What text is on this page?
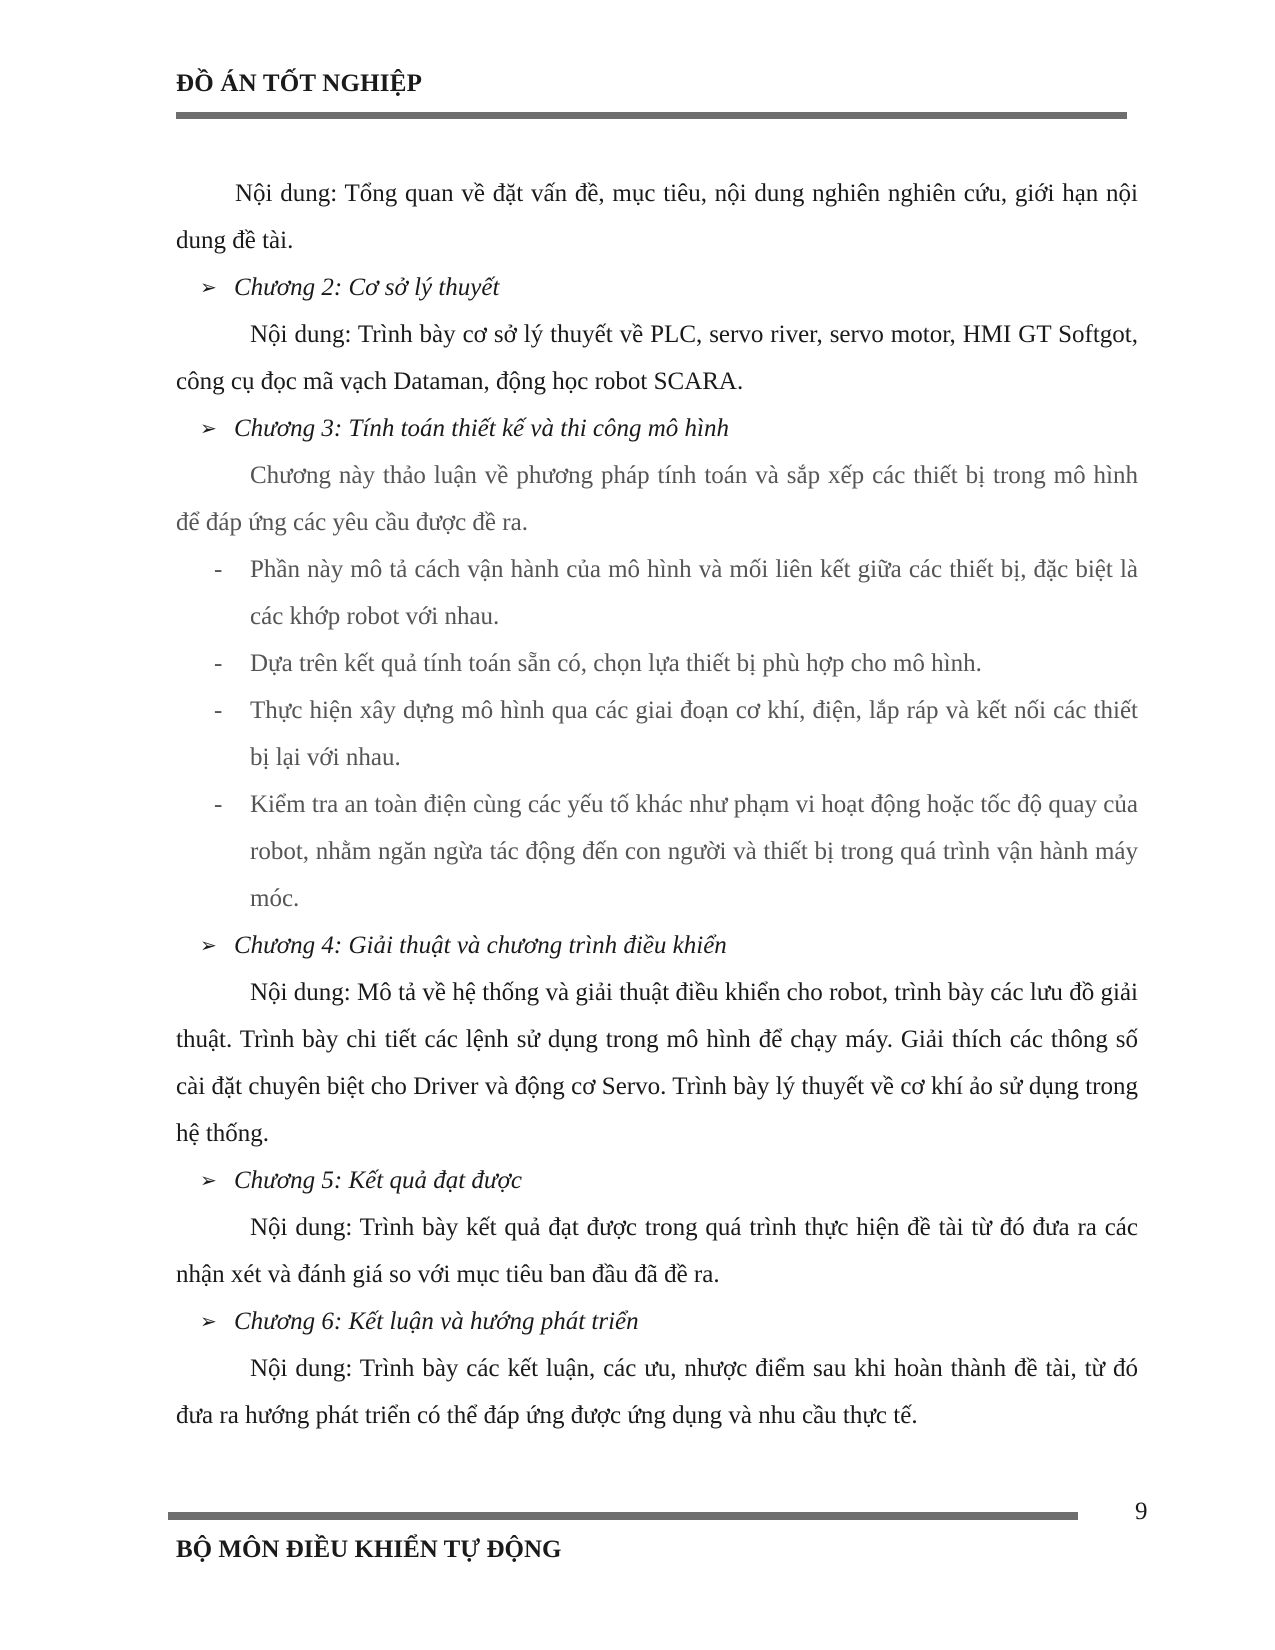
ĐỒ ÁN TỐT NGHIỆP

Nội dung: Tổng quan về đặt vấn đề, mục tiêu, nội dung nghiên nghiên cứu, giới hạn nội dung đề tài.

➢ Chương 2: Cơ sở lý thuyết

Nội dung: Trình bày cơ sở lý thuyết về PLC, servo river, servo motor, HMI GT Softgot, công cụ đọc mã vạch Dataman, động học robot SCARA.

➢ Chương 3: Tính toán thiết kế và thi công mô hình

Chương này thảo luận về phương pháp tính toán và sắp xếp các thiết bị trong mô hình để đáp ứng các yêu cầu được đề ra.

-	Phần này mô tả cách vận hành của mô hình và mối liên kết giữa các thiết bị, đặc biệt là các khớp robot với nhau.
-	Dựa trên kết quả tính toán sẵn có, chọn lựa thiết bị phù hợp cho mô hình.
-	Thực hiện xây dựng mô hình qua các giai đoạn cơ khí, điện, lắp ráp và kết nối các thiết bị lại với nhau.
-	Kiểm tra an toàn điện cùng các yếu tố khác như phạm vi hoạt động hoặc tốc độ quay của robot, nhằm ngăn ngừa tác động đến con người và thiết bị trong quá trình vận hành máy móc.
➢ Chương 4: Giải thuật và chương trình điều khiển

Nội dung: Mô tả về hệ thống và giải thuật điều khiển cho robot, trình bày các lưu đồ giải thuật. Trình bày chi tiết các lệnh sử dụng trong mô hình để chạy máy. Giải thích các thông số cài đặt chuyên biệt cho Driver và động cơ Servo. Trình bày lý thuyết về cơ khí ảo sử dụng trong hệ thống.

➢ Chương 5: Kết quả đạt được

Nội dung: Trình bày kết quả đạt được trong quá trình thực hiện đề tài từ đó đưa ra các nhận xét và đánh giá so với mục tiêu ban đầu đã đề ra.

➢ Chương 6: Kết luận và hướng phát triển

Nội dung: Trình bày các kết luận, các ưu, nhược điểm sau khi hoàn thành đề tài, từ đó đưa ra hướng phát triển có thể đáp ứng được ứng dụng và nhu cầu thực tế.

9
BỘ MÔN ĐIỀU KHIỂN TỰ ĐỘNG
